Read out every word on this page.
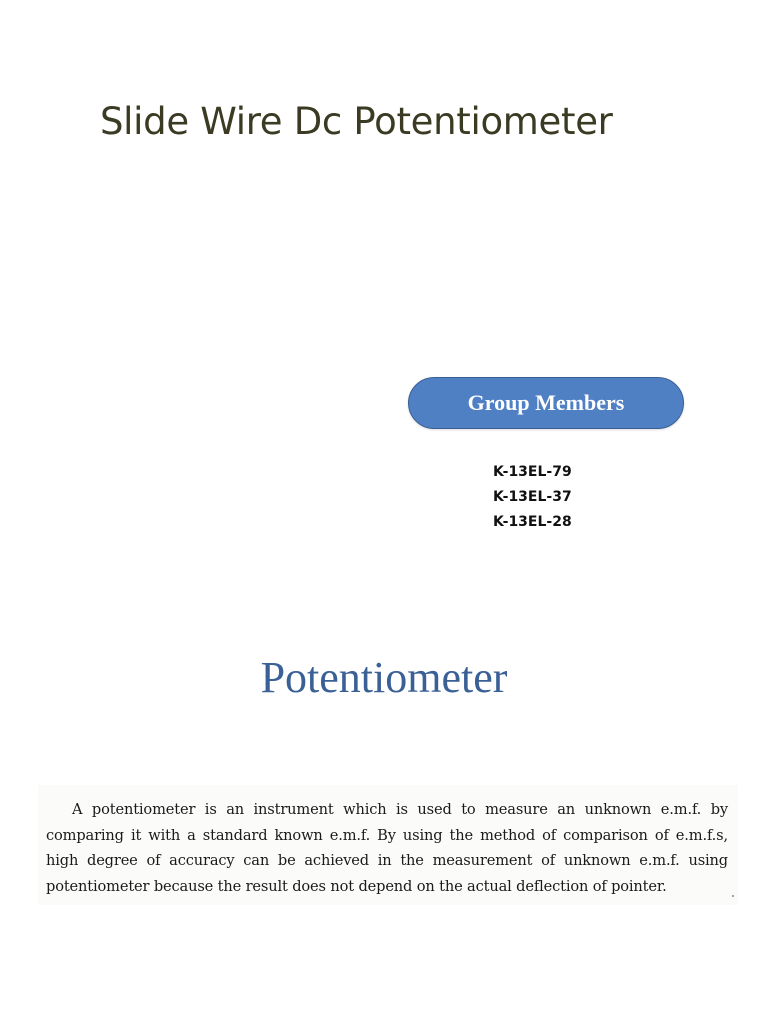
Slide Wire Dc Potentiometer
Group Members
K-13EL-79
K-13EL-37
K-13EL-28
Potentiometer

A potentiometer is an instrument which is used to measure an unknown e.m.f. by comparing it with a standard known e.m.f. By using the method of comparison of e.m.f.s, high degree of accuracy can be achieved in the measurement of unknown e.m.f. using potentiometer because the result does not depend on the actual deflection of pointer.
